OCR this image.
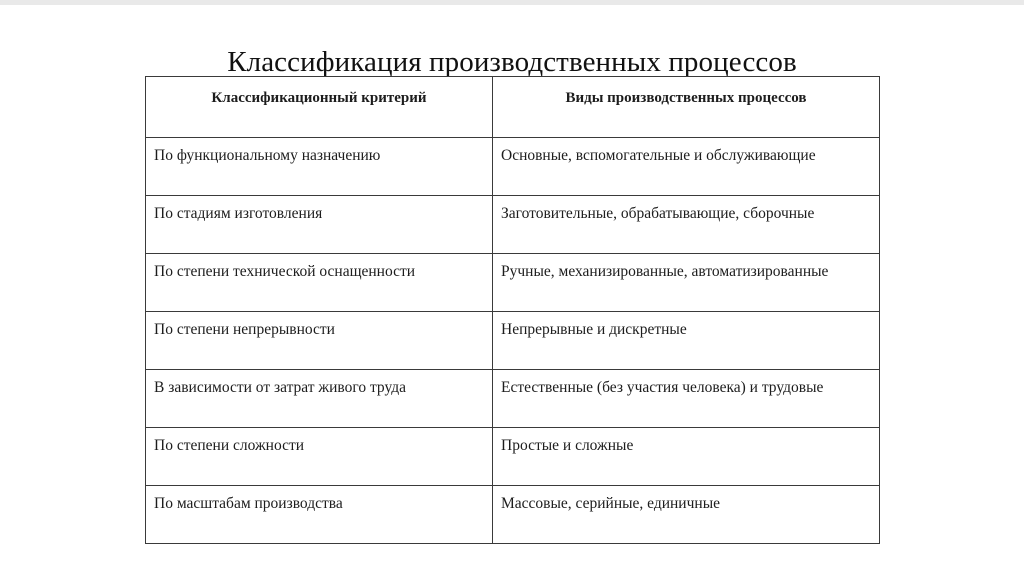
Классификация производственных процессов
Классификационный критерий	Виды производственных процессов
По функциональному назначению	Основные, вспомогательные и обслуживающие
По стадиям изготовления	Заготовительные, обрабатывающие, сборочные
По степени технической оснащенности	Ручные, механизированные, автоматизированные
По степени непрерывности	Непрерывные и дискретные
В зависимости от затрат живого труда	Естественные (без участия человека) и трудовые
По степени сложности	Простые и сложные
По масштабам производства	Массовые, серийные, единичные
